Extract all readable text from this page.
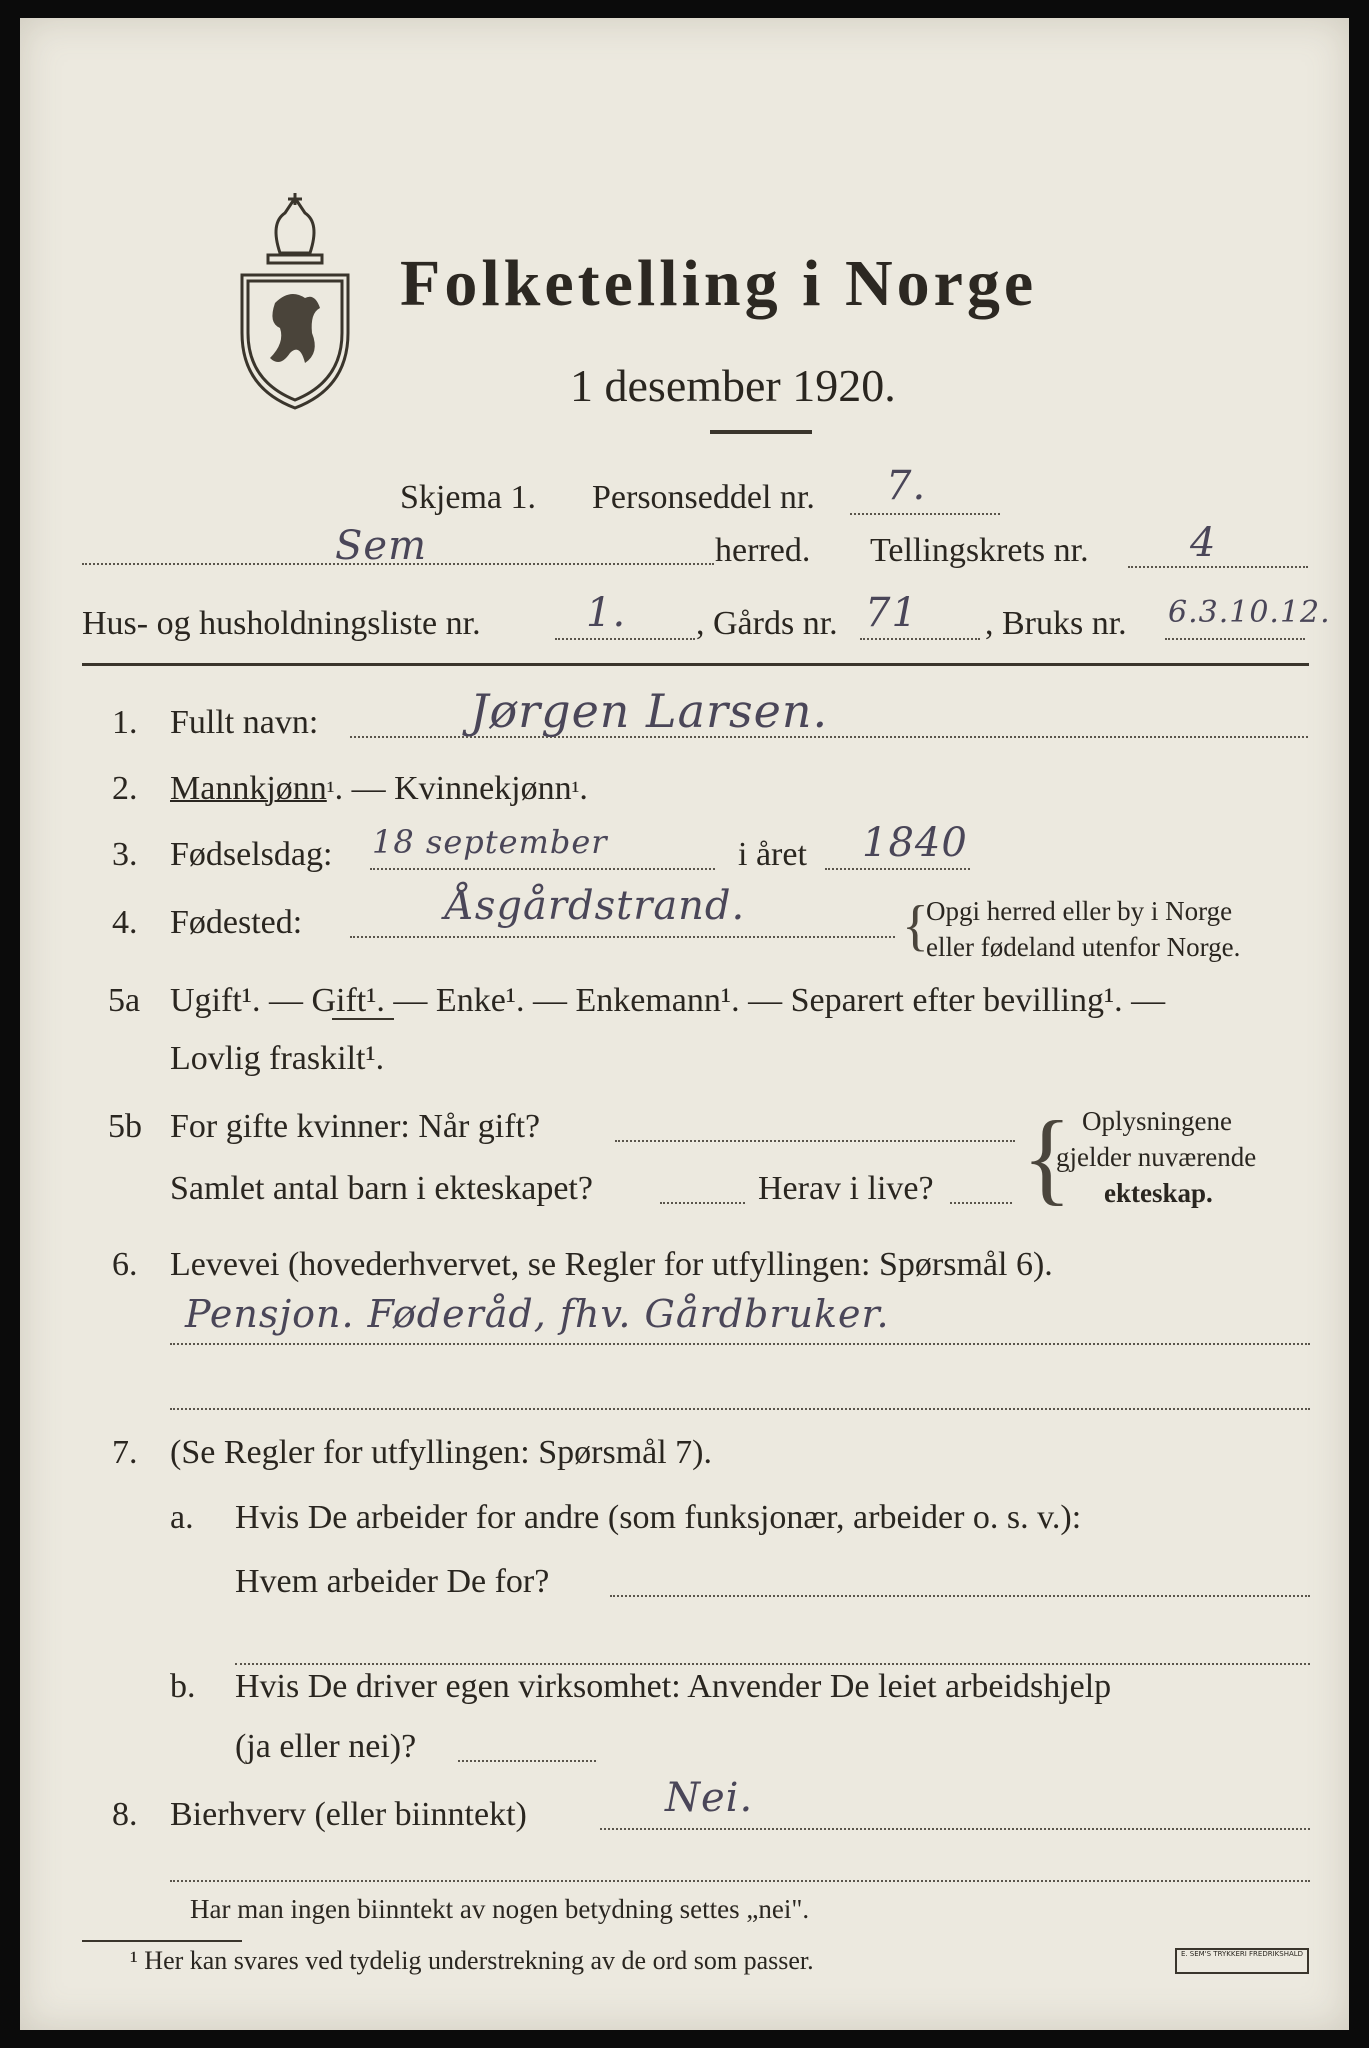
Folketelling i Norge
1 desember 1920.
Skjema 1. Personseddel nr. 7.
Sem	herred. Tellingskrets nr.	4
Hus- og husholdningsliste nr.	1. , Gårds nr. 71 , Bruks nr. 6.3.10.12.
1. Fullt navn:	Jørgen Larsen.
2. Mannkjønn¹. — Kvinnekjønn¹.
3. Fødselsdag: 18 september	i året 1840
4. Fødested:	Åsgårdstrand.	{
Opgi herred eller by i Norge
eller fødeland utenfor Norge.
5a Ugift¹. — Gift¹. — Enke¹. — Enkemann¹. — Separert efter bevilling¹. —
Lovlig fraskilt¹.
5b For gifte kvinner: Når gift?
Samlet antal barn i ekteskapet?	Herav i live? { Oplysningene
gjelder nuværende
ekteskap.
6. Levevei (hovederhvervet, se Regler for utfyllingen: Spørsmål 6).
Pensjon. Føderåd, fhv. Gårdbruker.
7. (Se Regler for utfyllingen: Spørsmål 7).
a. Hvis De arbeider for andre (som funksjonær, arbeider o. s. v.):
Hvem arbeider De for?
b. Hvis De driver egen virksomhet: Anvender De leiet arbeidshjelp
(ja eller nei)?
8. Bierhverv (eller biinntekt)	Nei.
Har man ingen biinntekt av nogen betydning settes „nei".
¹ Her kan svares ved tydelig understrekning av de ord som passer.	E. SEM'S TRYKKERI FREDRIKSHALD
